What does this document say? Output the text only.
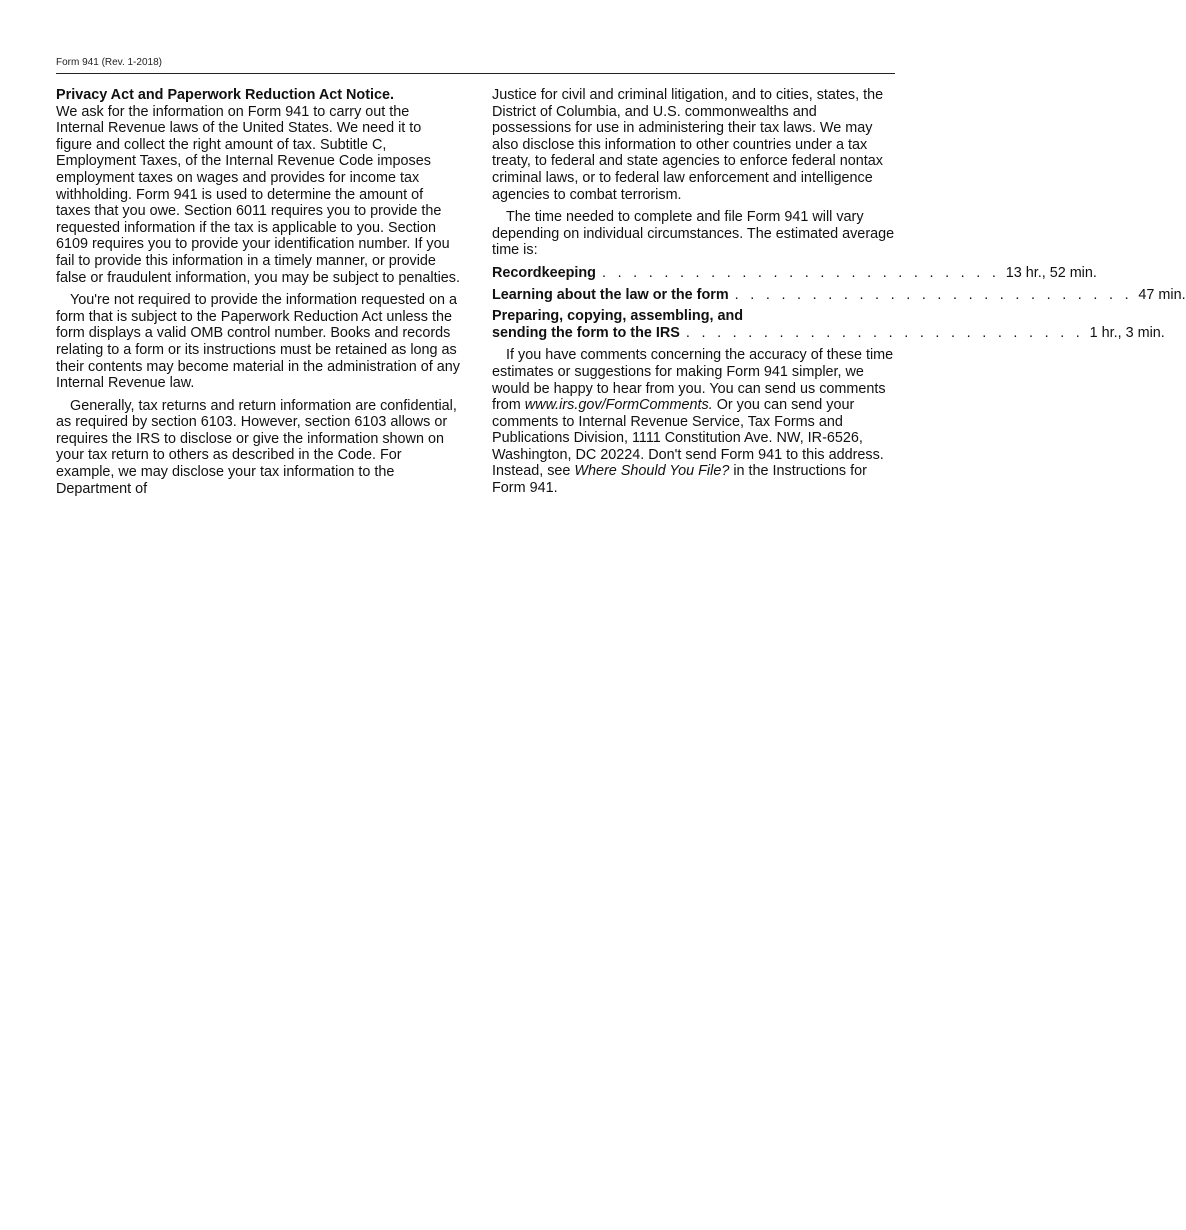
Form 941 (Rev. 1-2018)
Privacy Act and Paperwork Reduction Act Notice.

We ask for the information on Form 941 to carry out the Internal Revenue laws of the United States. We need it to figure and collect the right amount of tax. Subtitle C, Employment Taxes, of the Internal Revenue Code imposes employment taxes on wages and provides for income tax withholding. Form 941 is used to determine the amount of taxes that you owe. Section 6011 requires you to provide the requested information if the tax is applicable to you. Section 6109 requires you to provide your identification number. If you fail to provide this information in a timely manner, or provide false or fraudulent information, you may be subject to penalties.

You're not required to provide the information requested on a form that is subject to the Paperwork Reduction Act unless the form displays a valid OMB control number. Books and records relating to a form or its instructions must be retained as long as their contents may become material in the administration of any Internal Revenue law.

Generally, tax returns and return information are confidential, as required by section 6103. However, section 6103 allows or requires the IRS to disclose or give the information shown on your tax return to others as described in the Code. For example, we may disclose your tax information to the Department of

Justice for civil and criminal litigation, and to cities, states, the District of Columbia, and U.S. commonwealths and possessions for use in administering their tax laws. We may also disclose this information to other countries under a tax treaty, to federal and state agencies to enforce federal nontax criminal laws, or to federal law enforcement and intelligence agencies to combat terrorism.

The time needed to complete and file Form 941 will vary depending on individual circumstances. The estimated average time is:

Recordkeeping . . . . . . . . . . . . . . . . . . . . . . . . . . 13 hr., 52 min.
Learning about the law or the form . . . . . . . . . . . . . . . . . . . . . . . . . . 47 min.
Preparing, copying, assembling, and
sending the form to the IRS . . . . . . . . . . . . . . . . . . . . . . . . . . 1 hr., 3 min.

If you have comments concerning the accuracy of these time estimates or suggestions for making Form 941 simpler, we would be happy to hear from you. You can send us comments from www.irs.gov/FormComments. Or you can send your comments to Internal Revenue Service, Tax Forms and Publications Division, 1111 Constitution Ave. NW, IR-6526, Washington, DC 20224. Don't send Form 941 to this address. Instead, see Where Should You File? in the Instructions for Form 941.
